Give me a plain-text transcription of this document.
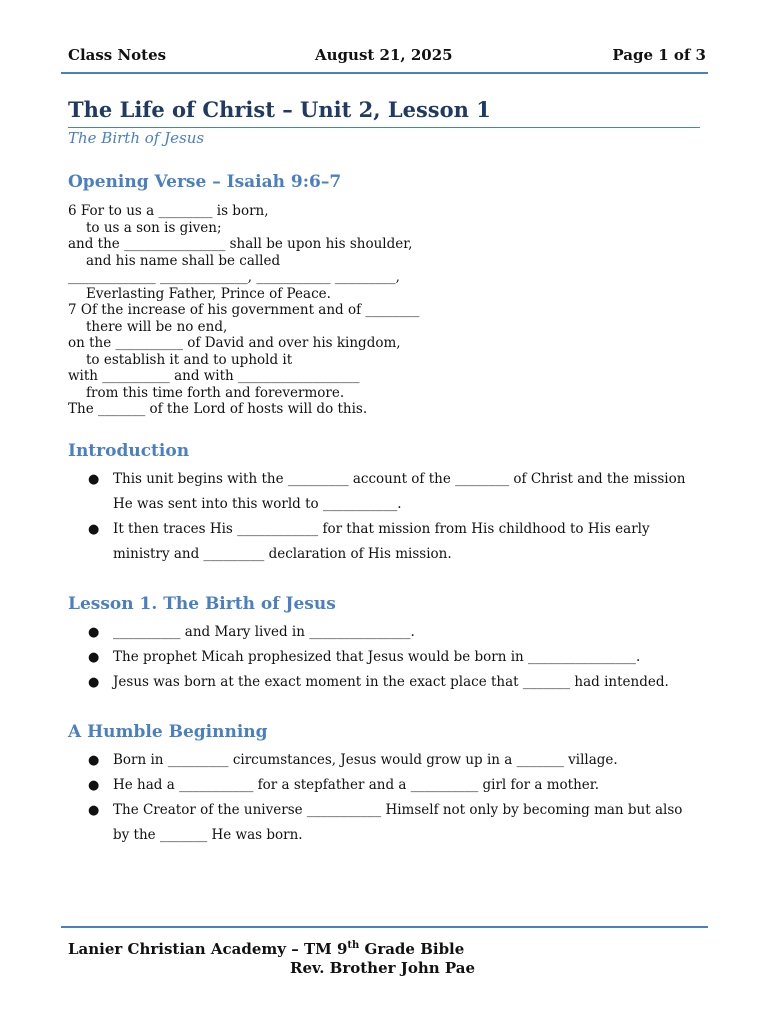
Class Notes	August 21, 2025	Page 1 of 3
The Life of Christ – Unit 2, Lesson 1
The Birth of Jesus
Opening Verse – Isaiah 9:6–7
6 For to us a ________ is born,
to us a son is given;
and the _______________ shall be upon his shoulder,
and his name shall be called
_____________ _____________, ___________ _________,
Everlasting Father, Prince of Peace.
7 Of the increase of his government and of ________
there will be no end,
on the __________ of David and over his kingdom,
to establish it and to uphold it
with __________ and with __________________
from this time forth and forevermore.
The _______ of the Lord of hosts will do this.
Introduction
● This unit begins with the _________ account of the ________ of Christ and the mission He was sent into this world to ___________.
● It then traces His ____________ for that mission from His childhood to His early ministry and _________ declaration of His mission.
Lesson 1. The Birth of Jesus
● __________ and Mary lived in _______________.
● The prophet Micah prophesized that Jesus would be born in ________________.
● Jesus was born at the exact moment in the exact place that _______ had intended.
A Humble Beginning
● Born in _________ circumstances, Jesus would grow up in a _______ village.
● He had a ___________ for a stepfather and a __________ girl for a mother.
● The Creator of the universe ___________ Himself not only by becoming man but also by the _______ He was born.
Lanier Christian Academy – TM 9th Grade Bible
Rev. Brother John Pae
